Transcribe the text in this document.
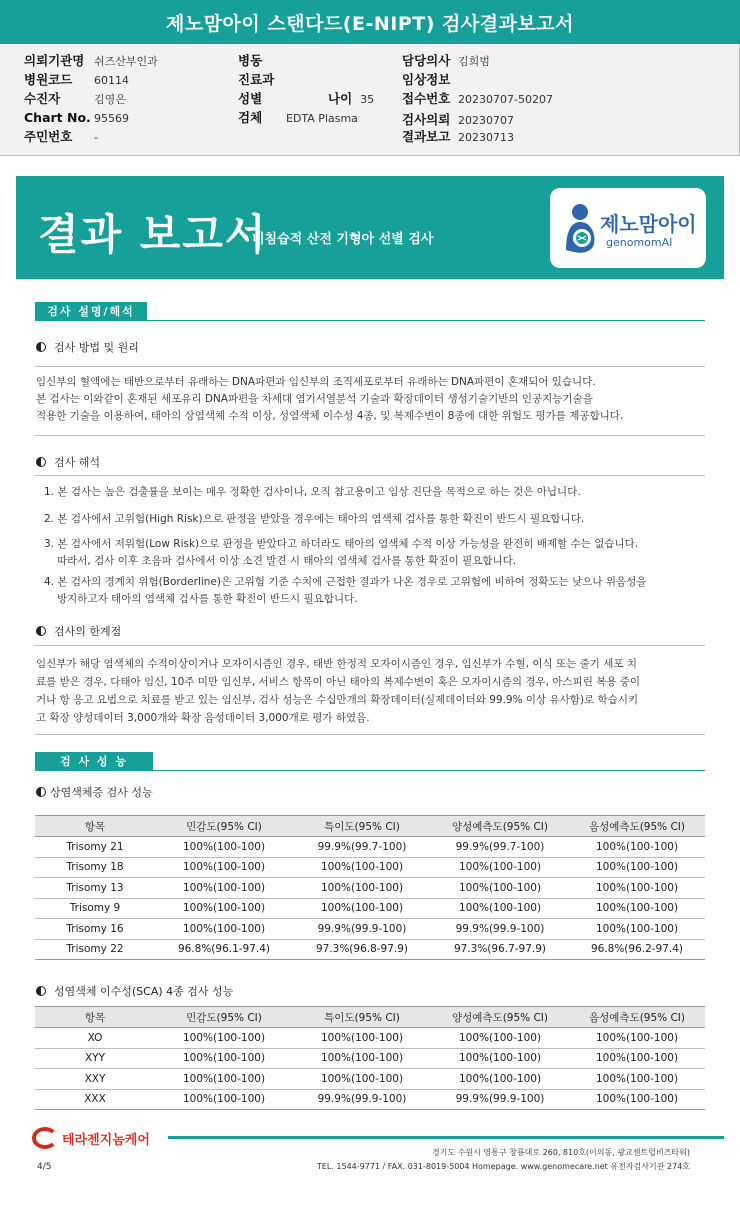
제노맘아이 스탠다드(E-NIPT) 검사결과보고서
의뢰기관명 쉬즈산부인과
병원코드	60114
수진자	김영은
Chart No. 95569
주민번호	-
병동
진료과
성별	나이 35
검체	EDTA Plasma
담당의사 김희범
임상정보
접수번호 20230707-50207
검사의뢰 20230707
결과보고 20230713
결과 보고서
비침습적 산전 기형아 선별 검사
제노맘아이
genomomAI
검사 설명/해석
검사 방법 및 원리
임신부의 혈액에는 태반으로부터 유래하는 DNA파편과 임신부의 조직세포로부터 유래하는 DNA파편이 혼재되어 있습니다.
본 검사는 이와같이 혼재된 세포유리 DNA파편을 차세대 염기서열분석 기술과 확장데이터 생성기술기반의 인공지능기술을
적용한 기술을 이용하여, 태아의 상염색체 수적 이상, 성염색체 이수성 4종, 및 복제수변이 8종에 대한 위험도 평가를 제공합니다.
검사 해석
1. 본 검사는 높은 검출률을 보이는 매우 정확한 검사이나, 오직 참고용이고 임상 진단을 목적으로 하는 것은 아닙니다.
2. 본 검사에서 고위험(High Risk)으로 판정을 받았을 경우에는 태아의 염색체 검사를 통한 확진이 반드시 필요합니다.
3. 본 검사에서 저위험(Low Risk)으로 판정을 받았다고 하더라도 태아의 염색체 수적 이상 가능성을 완전히 배제할 수는 없습니다.
따라서, 검사 이후 초음파 검사에서 이상 소견 발견 시 태아의 염색체 검사를 통한 확진이 필요합니다.
4. 본 검사의 경계치 위험(Borderline)은 고위험 기준 수치에 근접한 결과가 나온 경우로 고위험에 비하여 정확도는 낮으나 위음성을
방지하고자 태아의 염색체 검사를 통한 확진이 반드시 필요합니다.
검사의 한계점
임신부가 해당 염색체의 수적이상이거나 모자이시즘인 경우, 태반 한정적 모자이시즘인 경우, 임신부가 수혈, 이식 또는 줄기 세포 치
료를 받은 경우, 다태아 임신, 10주 미만 임신부, 서비스 항목이 아닌 태아의 복제수변이 혹은 모자이시즘의 경우, 아스피린 복용 중이
거나 항 응고 요법으로 치료를 받고 있는 임신부, 검사 성능은 수십만개의 확장데이터(실제데이터와 99.9% 이상 유사함)로 학습시키
고 확장 양성데이터 3,000개와 확장 음성데이터 3,000개로 평가 하였음.
검 사 성 능
상염색체증 검사 성능
항목	민감도(95% CI)	특이도(95% CI)	양성예측도(95% CI)	음성예측도(95% CI)
Trisomy 21	100%(100-100)	99.9%(99.7-100)	99.9%(99.7-100)	100%(100-100)
Trisomy 18	100%(100-100)	100%(100-100)	100%(100-100)	100%(100-100)
Trisomy 13	100%(100-100)	100%(100-100)	100%(100-100)	100%(100-100)
Trisomy 9	100%(100-100)	100%(100-100)	100%(100-100)	100%(100-100)
Trisomy 16	100%(100-100)	99.9%(99.9-100)	99.9%(99.9-100)	100%(100-100)
Trisomy 22	96.8%(96.1-97.4)	97.3%(96.8-97.9)	97.3%(96.7-97.9)	96.8%(96.2-97.4)
성염색체 이수성(SCA) 4종 검사 성능
항목	민감도(95% CI)	특이도(95% CI)	양성예측도(95% CI)	음성예측도(95% CI)
XO	100%(100-100)	100%(100-100)	100%(100-100)	100%(100-100)
XYY	100%(100-100)	100%(100-100)	100%(100-100)	100%(100-100)
XXY	100%(100-100)	100%(100-100)	100%(100-100)	100%(100-100)
XXX	100%(100-100)	99.9%(99.9-100)	99.9%(99.9-100)	100%(100-100)
테라젠지놈케어
경기도 수원시 영통구 창룡대로 260, 810호(이의동, 광교센트럴비즈타워)
TEL. 1544-9771 / FAX. 031-8019-5004 Homepage. www.genomecare.net 유전자검사기관 274호
4/5
